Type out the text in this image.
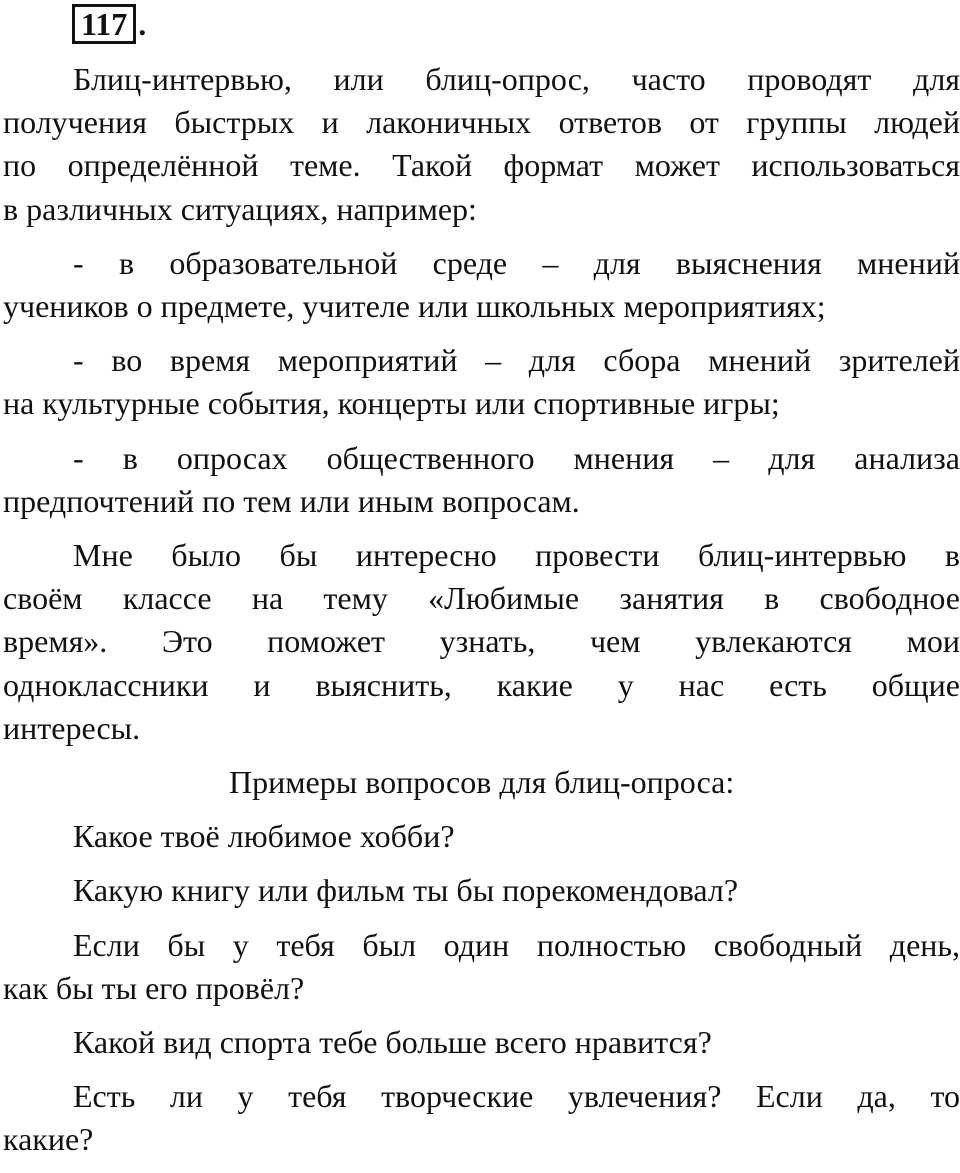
117 .

Блиц-интервью, или блиц-опрос, часто проводят для
получения быстрых и лаконичных ответов от группы людей
по определённой теме. Такой формат может использоваться
в различных ситуациях, например:

- в образовательной среде – для выяснения мнений
учеников о предмете, учителе или школьных мероприятиях;

- во время мероприятий – для сбора мнений зрителей
на культурные события, концерты или спортивные игры;

- в опросах общественного мнения – для анализа
предпочтений по тем или иным вопросам.

Мне было бы интересно провести блиц-интервью в
своём классе на тему «Любимые занятия в свободное
время». Это поможет узнать, чем увлекаются мои
одноклассники и выяснить, какие у нас есть общие
интересы.

Примеры вопросов для блиц-опроса:

Какое твоё любимое хобби?

Какую книгу или фильм ты бы порекомендовал?

Если бы у тебя был один полностью свободный день,
как бы ты его провёл?

Какой вид спорта тебе больше всего нравится?

Есть ли у тебя творческие увлечения? Если да, то
какие?
